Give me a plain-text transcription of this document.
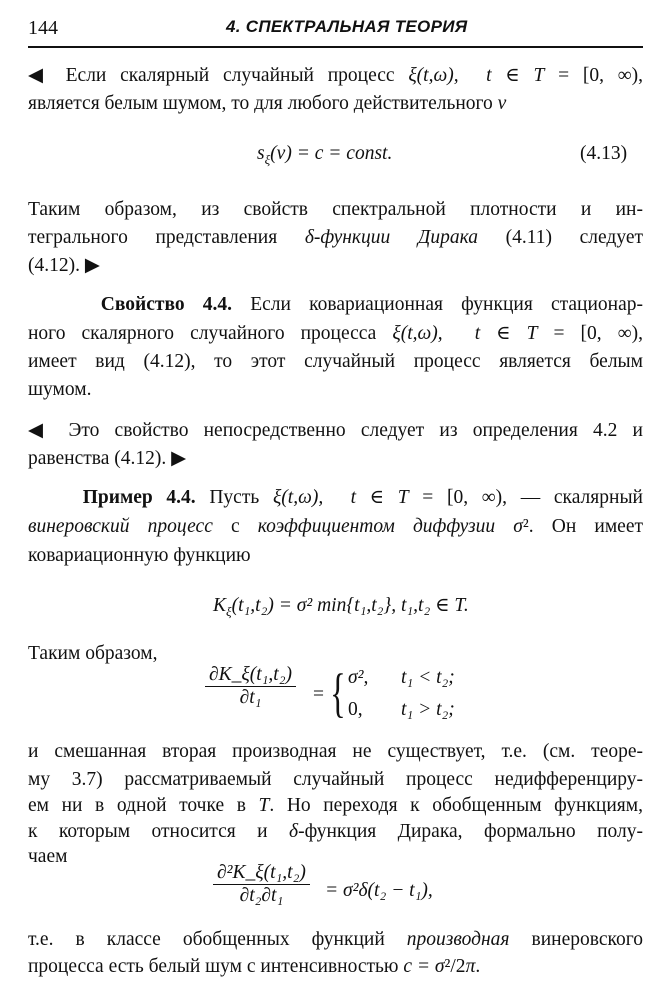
144	4. СПЕКТРАЛЬНАЯ ТЕОРИЯ
◀ Если скалярный случайный процесс ξ(t,ω),  t ∈ T = [0, ∞),
является белым шумом, то для любого действительного ν
Таким образом, из свойств спектральной плотности и ин-
тегрального представления δ-функции Дирака (4.11) следует
(4.12). ▶
Свойство 4.4. Если ковариационная функция стационар-
ного скалярного случайного процесса ξ(t,ω),  t ∈ T = [0, ∞),
имеет вид (4.12), то этот случайный процесс является белым
шумом.
◀ Это свойство непосредственно следует из определения 4.2 и
равенства (4.12). ▶
Пример 4.4. Пусть ξ(t,ω),  t ∈ T = [0, ∞), — скалярный
винеровский процесс с коэффициентом диффузии σ². Он имеет
ковариационную функцию
Таким образом,
и смешанная вторая производная не существует, т.е. (см. теоре-
му 3.7) рассматриваемый случайный процесс недифференциру-
ем ни в одной точке в T. Но переходя к обобщенным функциям,
к которым относится и δ-функция Дирака, формально полу-
чаем
т.е. в классе обобщенных функций производная винеровского
процесса есть белый шум с интенсивностью c = σ²/2π.
$s_\xi(\nu) = c$ = const.	(4.13)
$K_\xi(t_1,t_2) = \sigma^2$ min{t₁,t₂}, t₁,t₂ ∈ T.
∂K_ξ(t₁,t₂)
∂t₁	= { σ², t₁ < t₂;
0, t₁ > t₂;
∂²K_ξ(t₁,t₂)
∂t₂∂t₁ = σ²δ(t₂ − t₁),
